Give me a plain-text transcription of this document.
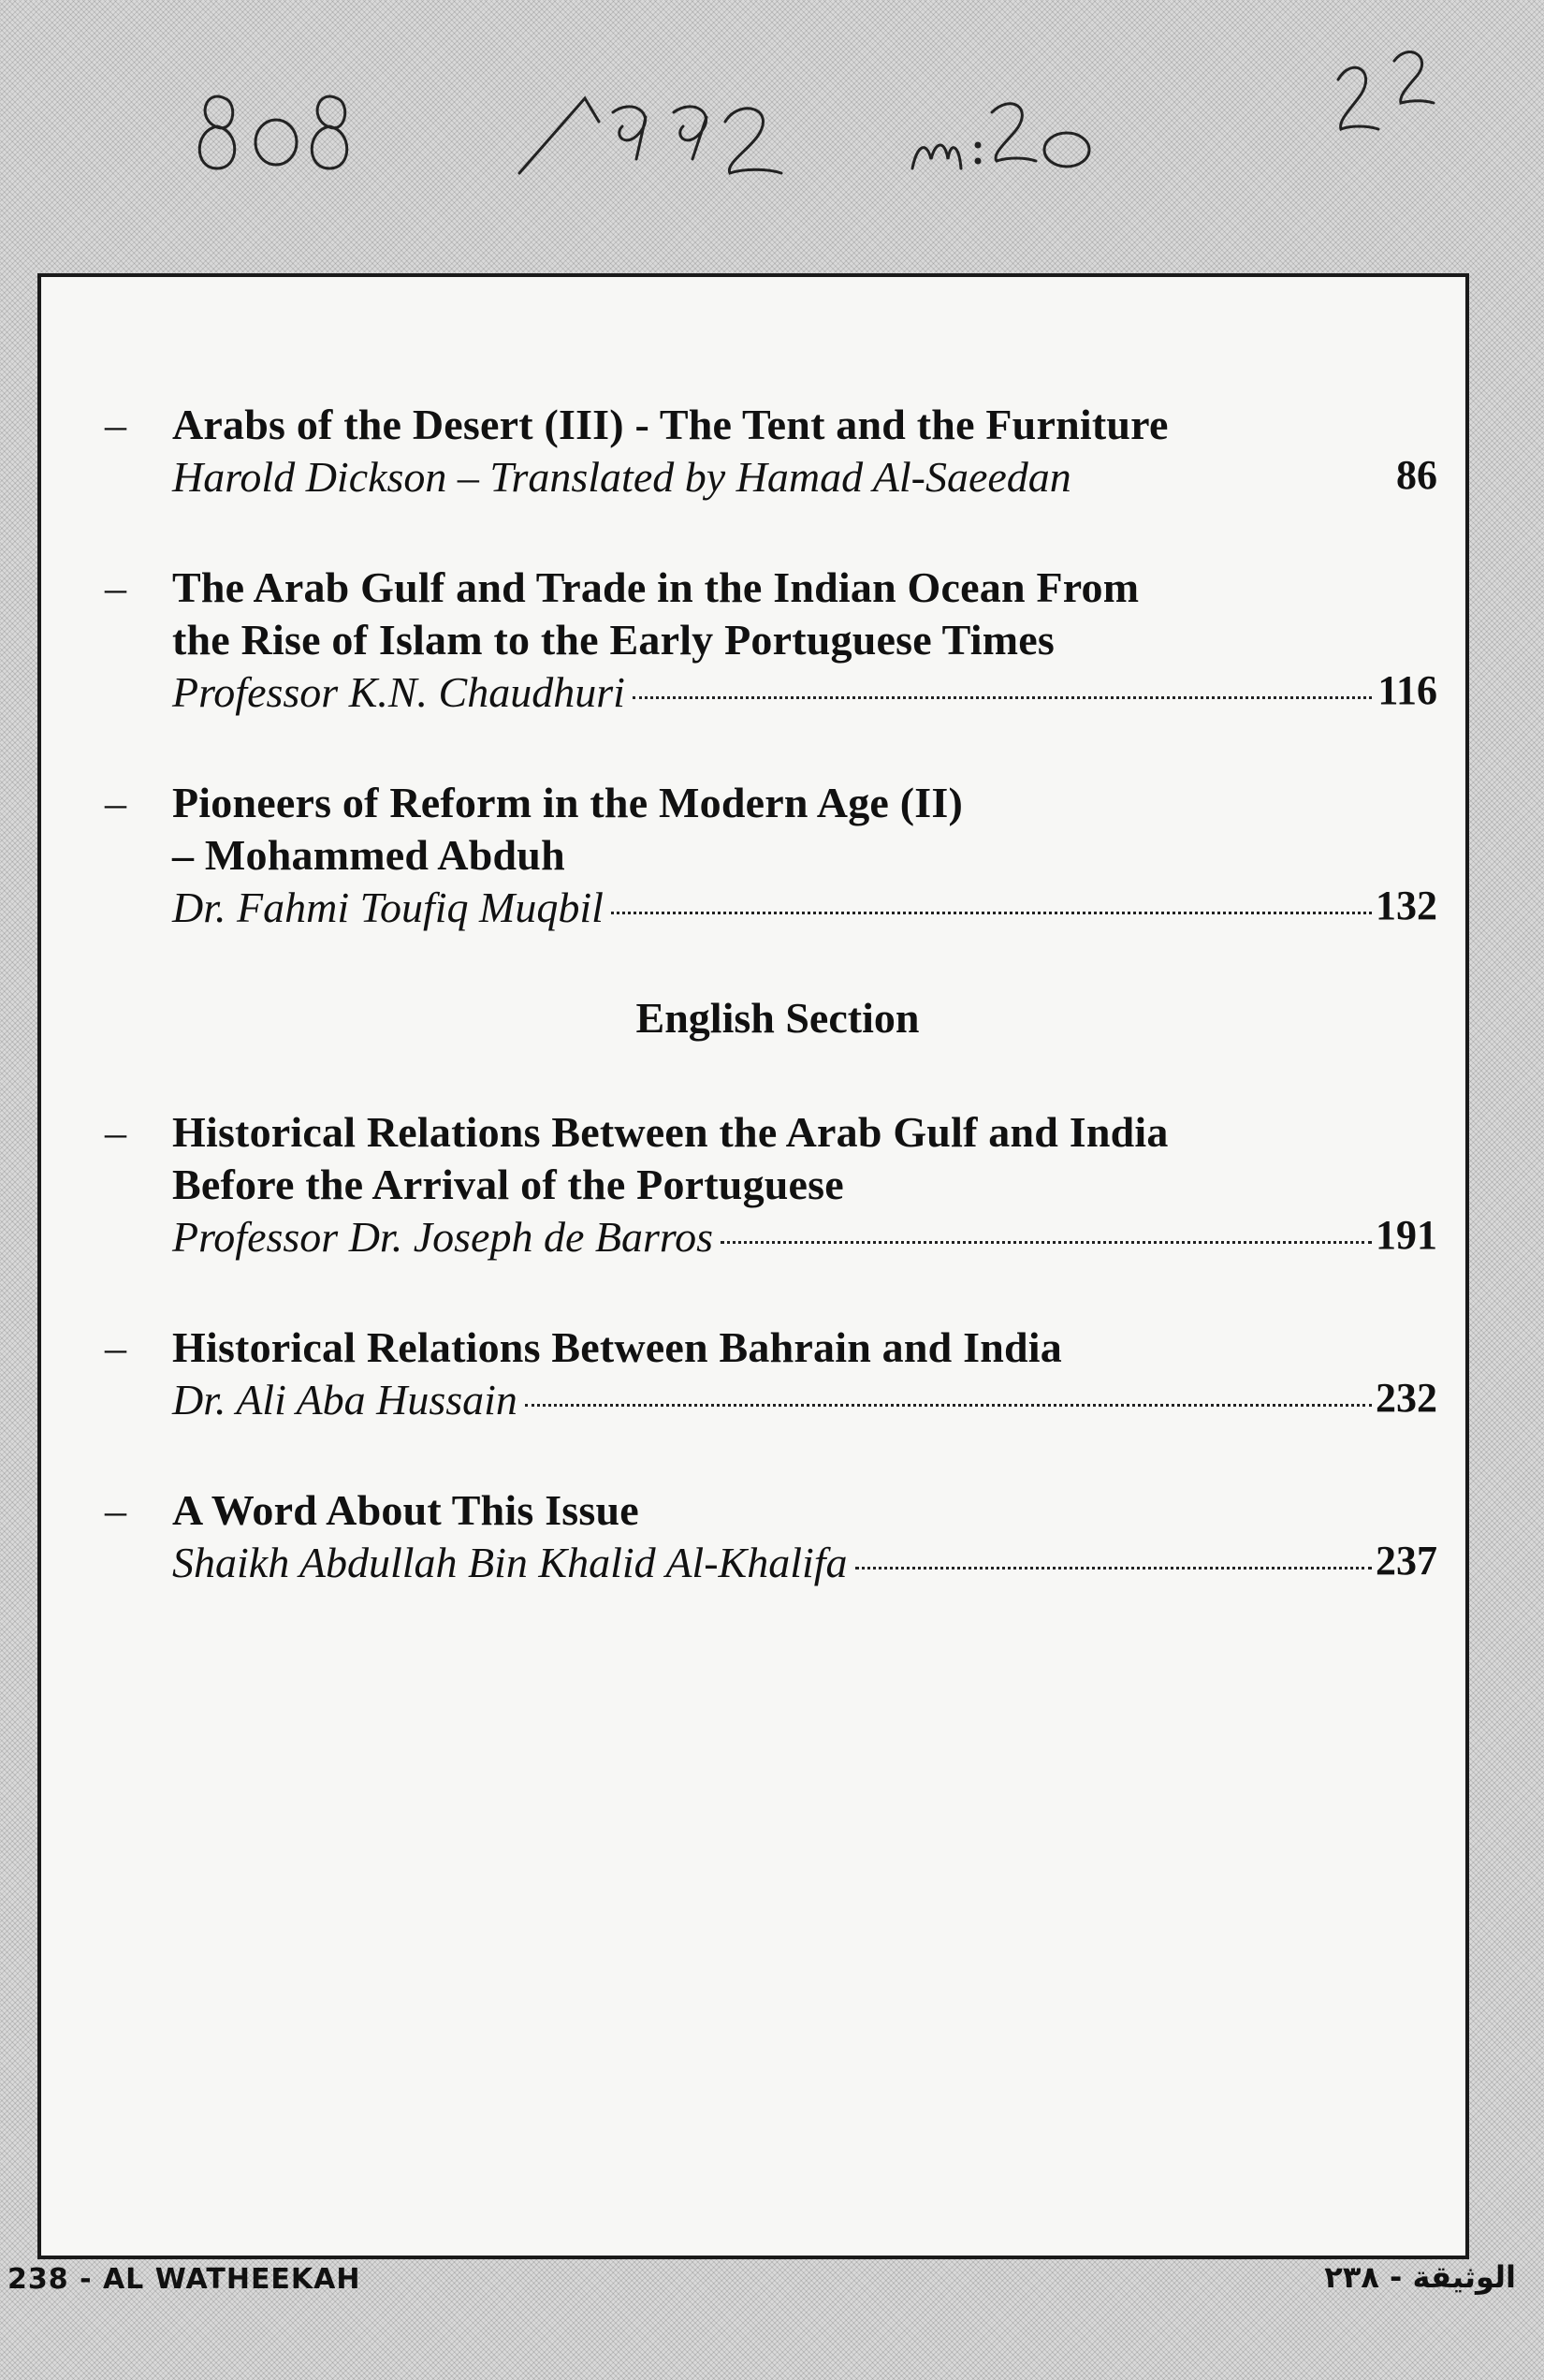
– Arabs of the Desert (III) - The Tent and the Furniture
Harold Dickson – Translated by Hamad Al-Saeedan	86
– The Arab Gulf and Trade in the Indian Ocean From
the Rise of Islam to the Early Portuguese Times
Professor K.N. Chaudhuri	116
– Pioneers of Reform in the Modern Age (II)
– Mohammed Abduh
Dr. Fahmi Toufiq Muqbil	132
English Section
– Historical Relations Between the Arab Gulf and India
Before the Arrival of the Portuguese
Professor Dr. Joseph de Barros	191
– Historical Relations Between Bahrain and India
Dr. Ali Aba Hussain	232
– A Word About This Issue
Shaikh Abdullah Bin Khalid Al-Khalifa	237
238 - AL WATHEEKAH	الوثيقة - ٢٣٨
